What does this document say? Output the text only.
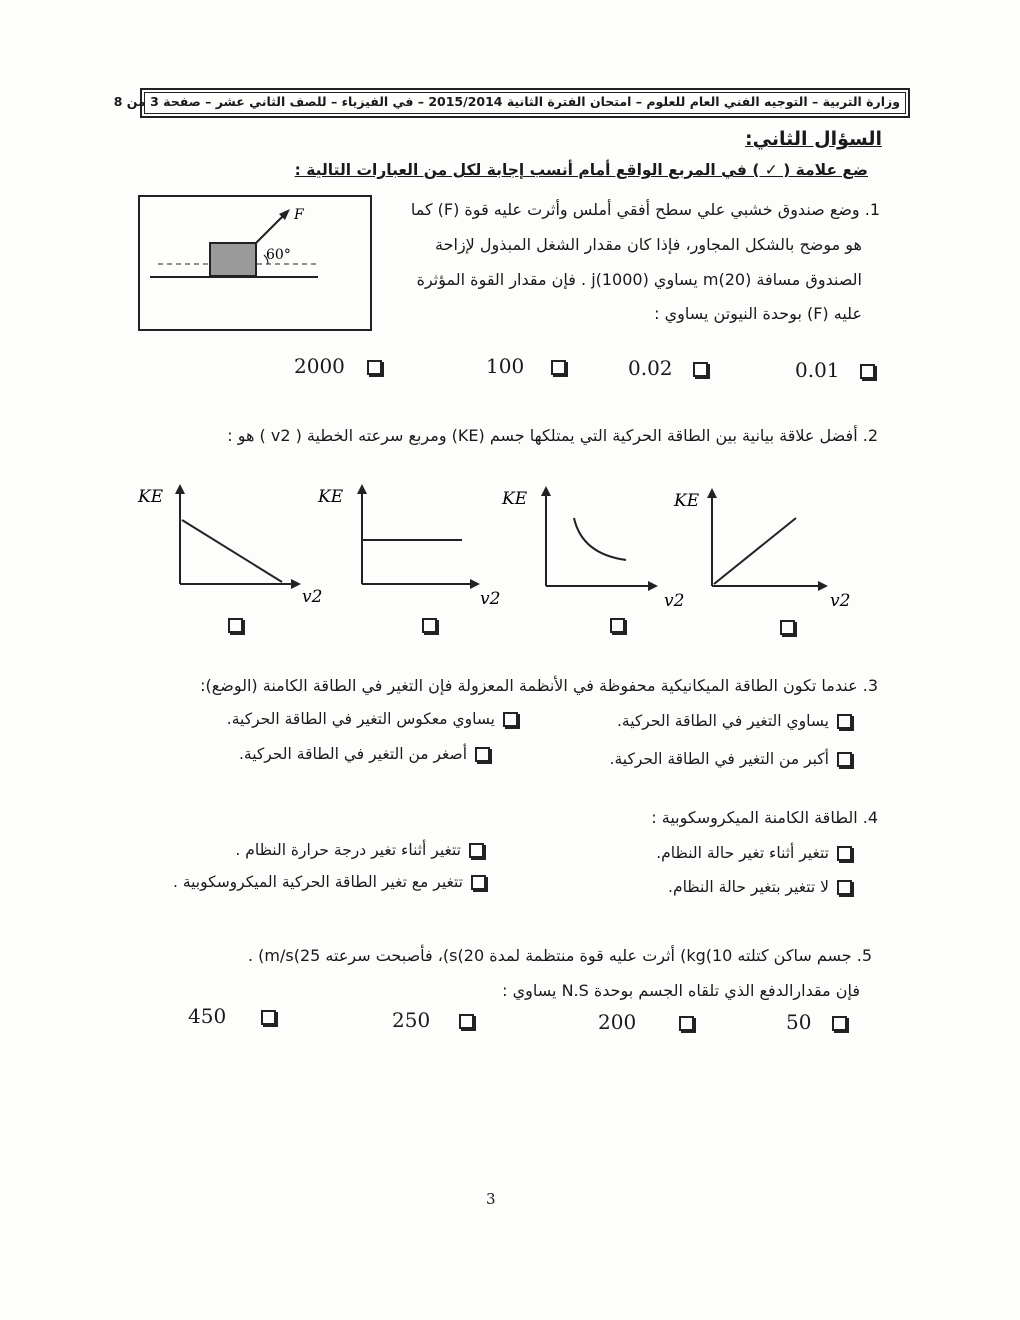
وزارة التربية – التوجيه الفني العام للعلوم – امتحان الفترة الثانية 2015/2014 – في الفيزياء – للصف الثاني عشر – صفحة 3 من 8
السؤال الثاني:
ضع علامة ( ✓ ) في المربع الواقع أمام أنسب إجابة لكل من العبارات التالية :
F
60°
1. وضع صندوق خشبي علي سطح أفقي أملس وأثرت عليه قوة (F) كما
هو موضح بالشكل المجاور، فإذا كان مقدار الشغل المبذول لإزاحة
الصندوق مسافة m(20) يساوي j(1000) . فإن مقدار القوة المؤثرة
عليه (F) بوحدة النيوتن يساوي :
0.01
0.02
100
2000
2. أفضل علاقة بيانية بين الطاقة الحركية التي يمتلكها جسم (KE) ومربع سرعته الخطية ( v2 ) هو :
KE
v2
KE
v2
KE
v2
KE
v2
3. عندما تكون الطاقة الميكانيكية محفوظة في الأنظمة المعزولة فإن التغير في الطاقة الكامنة (الوضع):
يساوي التغير في الطاقة الحركية.
يساوي معكوس التغير في الطاقة الحركية.
أكبر من التغير في الطاقة الحركية.
أصغر من التغير في الطاقة الحركية.
4. الطاقة الكامنة الميكروسكوبية :
تتغير أثناء تغير حالة النظام.
تتغير أثناء تغير درجة حرارة النظام .
لا تتغير بتغير حالة النظام.
تتغير مع تغير الطاقة الحركية الميكروسكوبية .
5. جسم ساكن كتلته 10)kg) أثرت عليه قوة منتظمة لمدة 20)s)، فأصبحت سرعته 25)m/s) .
فإن مقدارالدفع الذي تلقاه الجسم بوحدة N.S يساوي :
50
200
250
450
3
